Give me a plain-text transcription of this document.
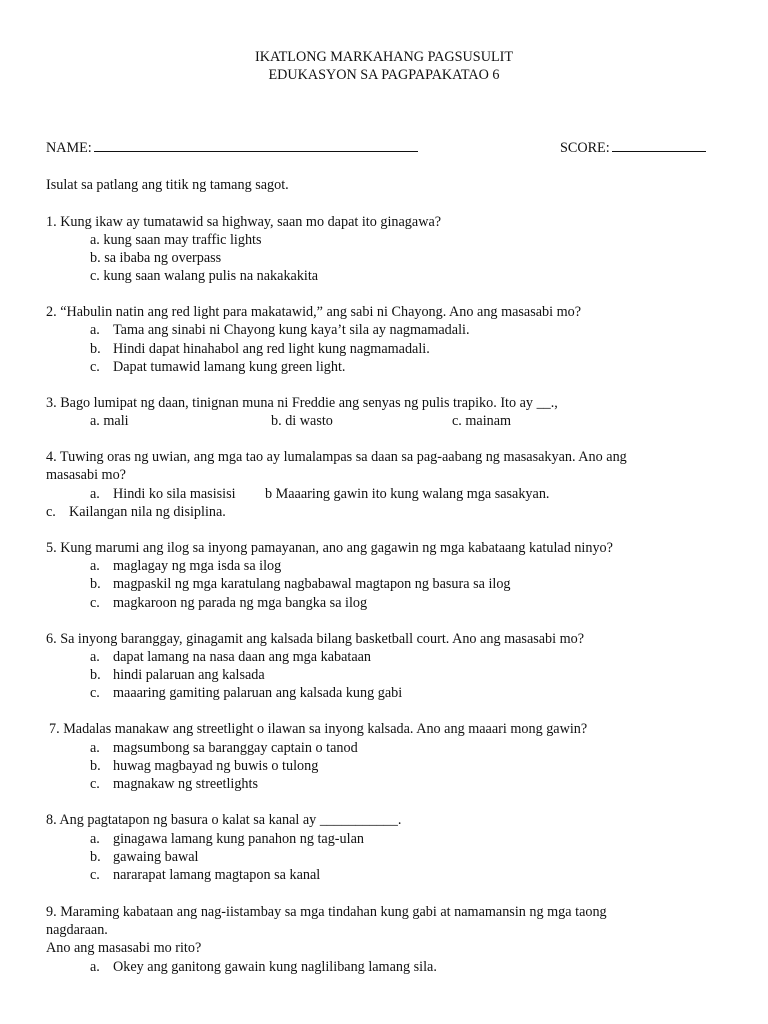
IKATLONG MARKAHANG PAGSUSULIT
EDUKASYON SA PAGPAPAKATAO 6
NAME:	SCORE:
Isulat sa patlang ang titik ng tamang sagot.
1. Kung ikaw ay tumatawid sa highway, saan mo dapat ito ginagawa?
a. kung saan may traffic lights
b. sa ibaba ng overpass
c. kung saan walang pulis na nakakakita
2. “Habulin natin ang red light para makatawid,” ang sabi ni Chayong. Ano ang masasabi mo?
a. Tama ang sinabi ni Chayong kung kaya’t sila ay nagmamadali.
b. Hindi dapat hinahabol ang red light kung nagmamadali.
c. Dapat tumawid lamang kung green light.
3. Bago lumipat ng daan, tinignan muna ni Freddie ang senyas ng pulis trapiko. Ito ay __.,
a. mali	b. di wasto	c. mainam
4. Tuwing oras ng uwian, ang mga tao ay lumalampas sa daan sa pag-aabang ng masasakyan. Ano ang
masasabi mo?
a. Hindi ko sila masisisi b Maaaring gawin ito kung walang mga sasakyan.
c. Kailangan nila ng disiplina.
5. Kung marumi ang ilog sa inyong pamayanan, ano ang gagawin ng mga kabataang katulad ninyo?
a. maglagay ng mga isda sa ilog
b. magpaskil ng mga karatulang nagbabawal magtapon ng basura sa ilog
c. magkaroon ng parada ng mga bangka sa ilog
6. Sa inyong baranggay, ginagamit ang kalsada bilang basketball court. Ano ang masasabi mo?
a. dapat lamang na nasa daan ang mga kabataan
b. hindi palaruan ang kalsada
c. maaaring gamiting palaruan ang kalsada kung gabi
7. Madalas manakaw ang streetlight o ilawan sa inyong kalsada. Ano ang maaari mong gawin?
a. magsumbong sa baranggay captain o tanod
b. huwag magbayad ng buwis o tulong
c. magnakaw ng streetlights
8. Ang pagtatapon ng basura o kalat sa kanal ay ___________.
a. ginagawa lamang kung panahon ng tag-ulan
b. gawaing bawal
c. nararapat lamang magtapon sa kanal
9. Maraming kabataan ang nag-iistambay sa mga tindahan kung gabi at namamansin ng mga taong
nagdaraan.
Ano ang masasabi mo rito?
a. Okey ang ganitong gawain kung naglilibang lamang sila.
